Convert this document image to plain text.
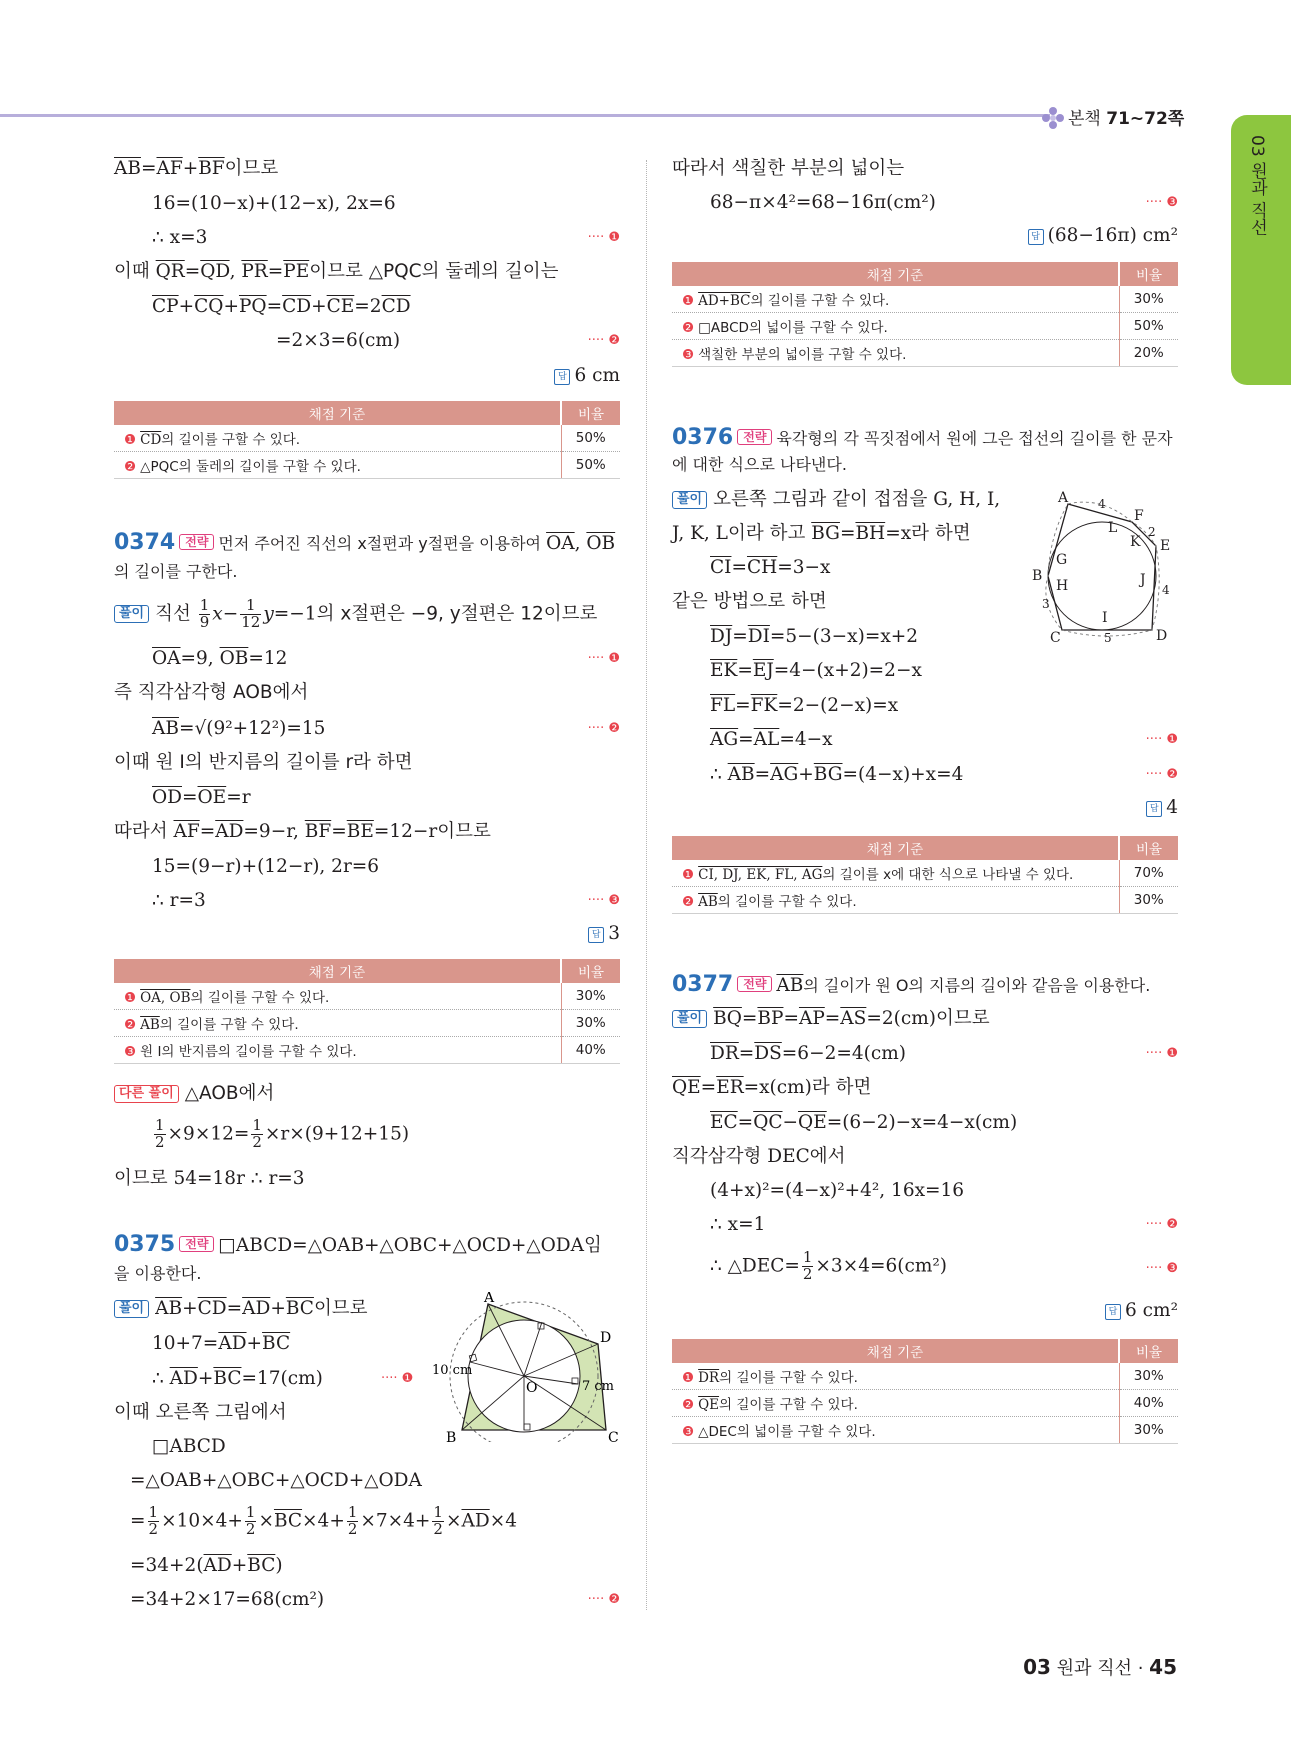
본책 71~72쪽
03 원과 직선
$\overline{AB}=\overline{AF}+\overline{BF}$이므로
16=(10−x)+(12−x), 2x=6
∴ x=3	···· ❶
이때 $\overline{QR}=\overline{QD}$, $\overline{PR}=\overline{PE}$이므로 △PQC의 둘레의 길이는
$\overline{CP}+\overline{CQ}+\overline{PQ}=\overline{CD}+\overline{CE}=2\overline{CD}$
=2×3=6(cm)	···· ❷
답 6 cm
채점 기준	비율
❶ $\overline{CD}$의 길이를 구할 수 있다.	50%
❷ △PQC의 둘레의 길이를 구할 수 있다.	50%
0374 전략 먼저 주어진 직선의 x절편과 y절편을 이용하여 $\overline{OA}$, $\overline{OB}$
의 길이를 구한다.
풀이 직선 $\frac{1}{9} x- \frac{1}{12} y=-1$의 x절편은 −9, y절편은 12이므로
$\overline{OA}=9$, $\overline{OB}=12$	···· ❶
즉 직각삼각형 AOB에서
$\overline{AB}=√(9^2+12^2)=15$	···· ❷
이때 원 I의 반지름의 길이를 r라 하면
$\overline{OD}=\overline{OE}=r$
따라서 $\overline{AF}=\overline{AD}=9-r$, $\overline{BF}=\overline{BE}=12-r$이므로
15=(9−r)+(12−r), 2r=6
∴ r=3	···· ❸
답 3
채점 기준	비율
❶ OA, OB의 길이를 구할 수 있다.	30%
❷ $\overline{AB}$의 길이를 구할 수 있다.	30%
❸ 원 I의 반지름의 길이를 구할 수 있다.	40%
다른 풀이 △AOB에서
$\frac{1}{2} \times 9\times 12= \frac{1}{2} \times r\times(9+12+15)$
이므로 54=18r ∴ r=3
0375 전략 □ABCD=△OAB+△OBC+△OCD+△ODA임
을 이용한다.
풀이 $\overline{AB}+\overline{CD}=\overline{AD}+\overline{BC}$이므로
$10+7=\overline{AD}+\overline{BC}$
∴ $\overline{AD}+\overline{BC}=17(cm)$	···· ❶
이때 오른쪽 그림에서
□ABCD
=△OAB+△OBC+△OCD+△ODA
= $\frac{1}{2} \times 10\times 4+ \frac{1}{2} \times\overline{BC}\times 4+ \frac{1}{2} \times 7\times 4+ \frac{1}{2} \times\overline{AD}\times 4$
$=34+2(\overline{AD}+\overline{BC})$
=34+2×17=68(cm²)	···· ❷
A
D
C
B
O
10 cm
7 cm
따라서 색칠한 부분의 넓이는
68−π×4²=68−16π(cm²)	···· ❸
답 (68−16π) cm²
채점 기준	비율
❶ AD+BC의 길이를 구할 수 있다.	30%
❷ □ABCD의 넓이를 구할 수 있다.	50%
❸ 색칠한 부분의 넓이를 구할 수 있다.	20%
0376 전략 육각형의 각 꼭짓점에서 원에 그은 접선의 길이를 한 문자
에 대한 식으로 나타낸다.
풀이 오른쪽 그림과 같이 접점을 G, H, I,
J, K, L이라 하고 $\overline{BG}=\overline{BH}=x$라 하면
$\overline{CI}=\overline{CH}=3-x$
같은 방법으로 하면
$\overline{DJ}=\overline{DI}=5-(3-x)=x+2$
$\overline{EK}=\overline{EJ}=4-(x+2)=2-x$
$\overline{FL}=\overline{FK}=2-(2-x)=x$
$\overline{AG}=\overline{AL}=4-x$	···· ❶
∴ $\overline{AB}=\overline{AG}+\overline{BG}=(4-x)+x=4$	···· ❷
답 4
채점 기준	비율
❶ CI, DJ, EK, FL, AG의 길이를 x에 대한 식으로 나타낼 수 있다.	70%
❷ $\overline{AB}$의 길이를 구할 수 있다.	30%
A
B
C	D
E
F
G
H
I
J
K
L
4
2
4
5
3
0377 전략 $\overline{AB}$의 길이가 원 O의 지름의 길이와 같음을 이용한다.
풀이 $\overline{BQ}=\overline{BP}=\overline{AP}=\overline{AS}=2(cm)$이므로
$\overline{DR}=\overline{DS}=6-2=4(cm)$	···· ❶
$\overline{QE}=\overline{ER}=x(cm)$라 하면
$\overline{EC}=\overline{QC}-\overline{QE}=(6-2)-x=4-x(cm)$
직각삼각형 DEC에서
(4+x)²=(4−x)²+4², 16x=16
∴ x=1	···· ❷
∴ △DEC= $\frac{1}{2} \times 3\times 4=6(cm^2)$	···· ❸
답 6 cm²
채점 기준	비율
❶ $\overline{DR}$의 길이를 구할 수 있다.	30%
❷ $\overline{QE}$의 길이를 구할 수 있다.	40%
❸ △DEC의 넓이를 구할 수 있다.	30%
03 원과 직선 · 45
